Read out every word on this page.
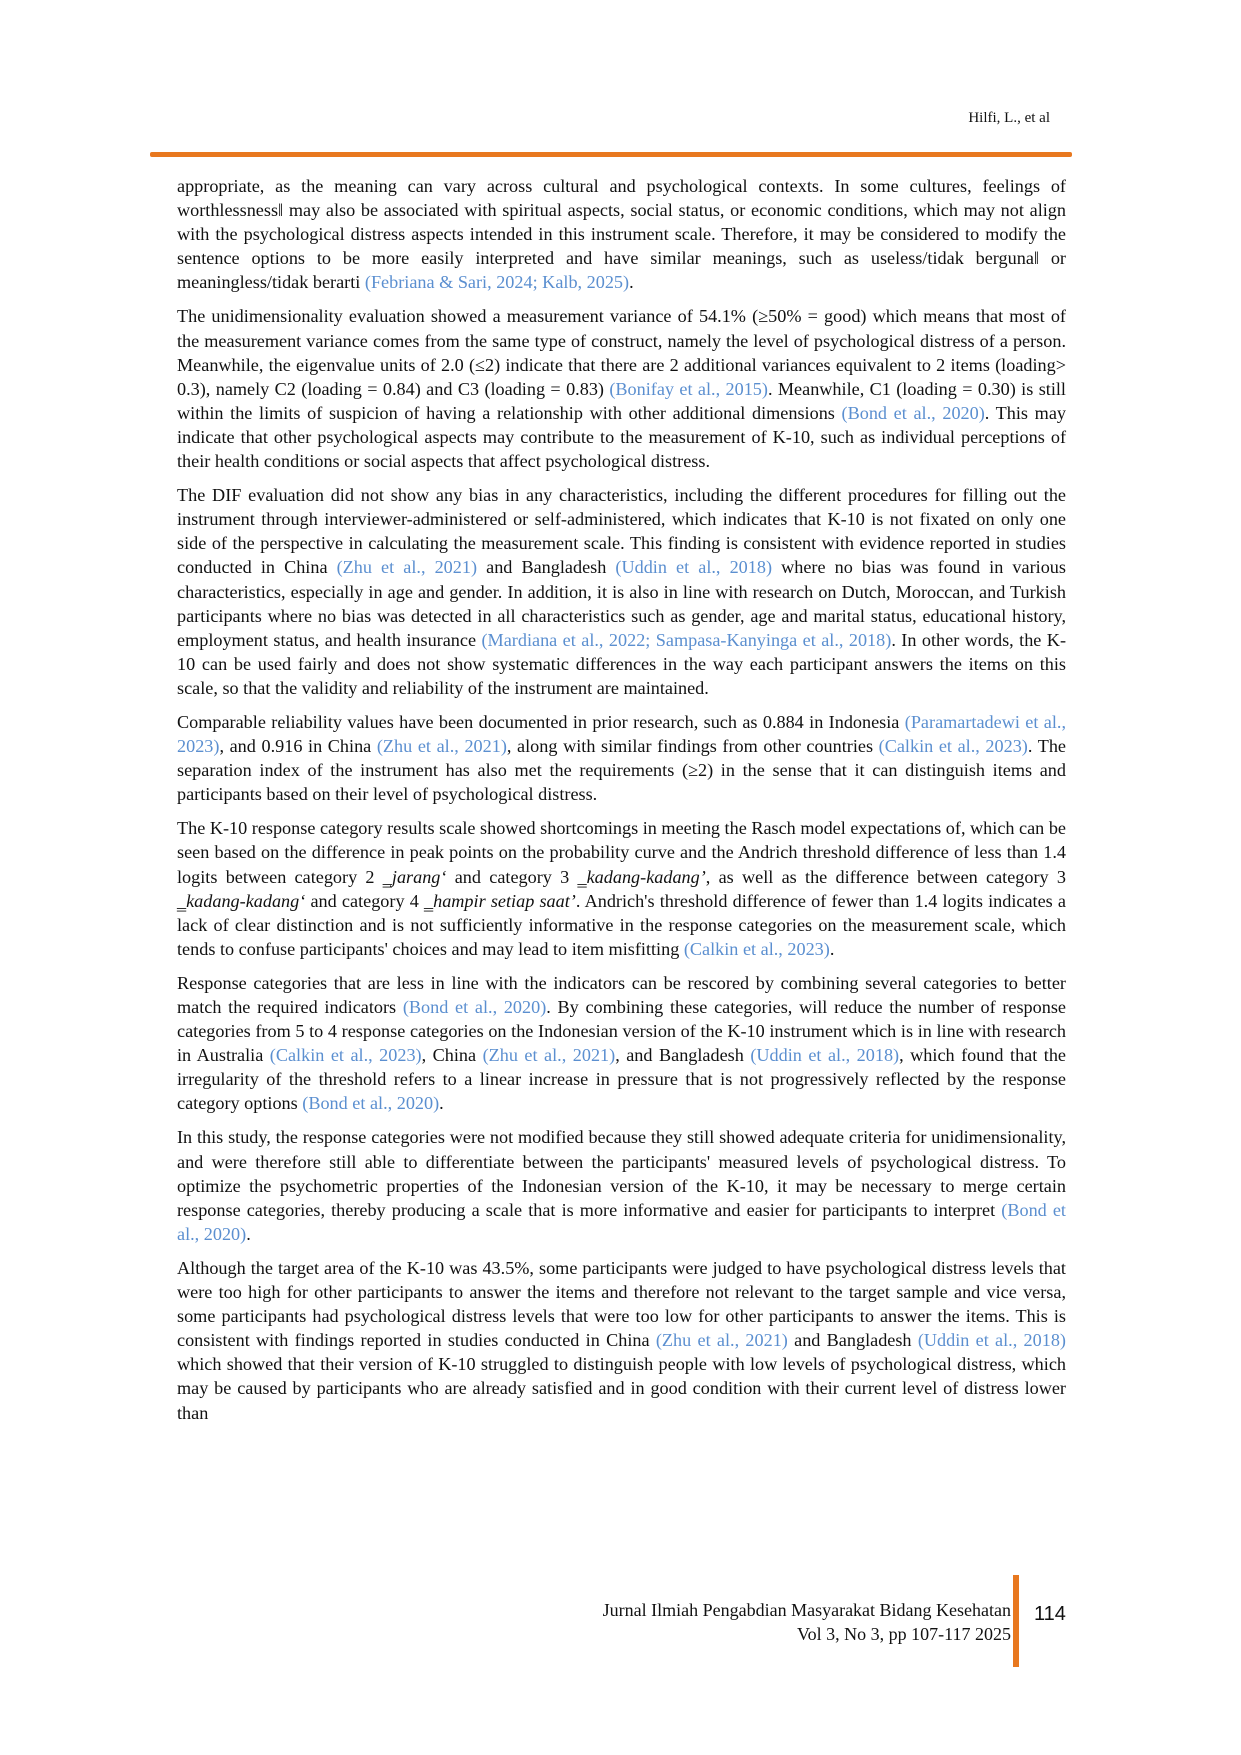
Hilfi, L., et al

appropriate, as the meaning can vary across cultural and psychological contexts. In some cultures, feelings of worthlessness‖ may also be associated with spiritual aspects, social status, or economic conditions, which may not align with the psychological distress aspects intended in this instrument scale. Therefore, it may be considered to modify the sentence options to be more easily interpreted and have similar meanings, such as useless/tidak berguna‖ or meaningless/tidak berarti (Febriana & Sari, 2024; Kalb, 2025).

The unidimensionality evaluation showed a measurement variance of 54.1% (≥50% = good) which means that most of the measurement variance comes from the same type of construct, namely the level of psychological distress of a person. Meanwhile, the eigenvalue units of 2.0 (≤2) indicate that there are 2 additional variances equivalent to 2 items (loading> 0.3), namely C2 (loading = 0.84) and C3 (loading = 0.83) (Bonifay et al., 2015). Meanwhile, C1 (loading = 0.30) is still within the limits of suspicion of having a relationship with other additional dimensions (Bond et al., 2020). This may indicate that other psychological aspects may contribute to the measurement of K-10, such as individual perceptions of their health conditions or social aspects that affect psychological distress.

The DIF evaluation did not show any bias in any characteristics, including the different procedures for filling out the instrument through interviewer-administered or self-administered, which indicates that K-10 is not fixated on only one side of the perspective in calculating the measurement scale. This finding is consistent with evidence reported in studies conducted in China (Zhu et al., 2021) and Bangladesh (Uddin et al., 2018) where no bias was found in various characteristics, especially in age and gender. In addition, it is also in line with research on Dutch, Moroccan, and Turkish participants where no bias was detected in all characteristics such as gender, age and marital status, educational history, employment status, and health insurance (Mardiana et al., 2022; Sampasa-Kanyinga et al., 2018). In other words, the K-10 can be used fairly and does not show systematic differences in the way each participant answers the items on this scale, so that the validity and reliability of the instrument are maintained.

Comparable reliability values have been documented in prior research, such as 0.884 in Indonesia (Paramartadewi et al., 2023), and 0.916 in China (Zhu et al., 2021), along with similar findings from other countries (Calkin et al., 2023). The separation index of the instrument has also met the requirements (≥2) in the sense that it can distinguish items and participants based on their level of psychological distress.

The K-10 response category results scale showed shortcomings in meeting the Rasch model expectations of, which can be seen based on the difference in peak points on the probability curve and the Andrich threshold difference of less than 1.4 logits between category 2 ‗jarang‘ and category 3 ‗kadang-kadang’, as well as the difference between category 3 ‗kadang-kadang‘ and category 4 ‗hampir setiap saat’. Andrich's threshold difference of fewer than 1.4 logits indicates a lack of clear distinction and is not sufficiently informative in the response categories on the measurement scale, which tends to confuse participants' choices and may lead to item misfitting (Calkin et al., 2023).

Response categories that are less in line with the indicators can be rescored by combining several categories to better match the required indicators (Bond et al., 2020). By combining these categories, will reduce the number of response categories from 5 to 4 response categories on the Indonesian version of the K-10 instrument which is in line with research in Australia (Calkin et al., 2023), China (Zhu et al., 2021), and Bangladesh (Uddin et al., 2018), which found that the irregularity of the threshold refers to a linear increase in pressure that is not progressively reflected by the response category options (Bond et al., 2020).

In this study, the response categories were not modified because they still showed adequate criteria for unidimensionality, and were therefore still able to differentiate between the participants' measured levels of psychological distress. To optimize the psychometric properties of the Indonesian version of the K-10, it may be necessary to merge certain response categories, thereby producing a scale that is more informative and easier for participants to interpret (Bond et al., 2020).

Although the target area of the K-10 was 43.5%, some participants were judged to have psychological distress levels that were too high for other participants to answer the items and therefore not relevant to the target sample and vice versa, some participants had psychological distress levels that were too low for other participants to answer the items. This is consistent with findings reported in studies conducted in China (Zhu et al., 2021) and Bangladesh (Uddin et al., 2018) which showed that their version of K-10 struggled to distinguish people with low levels of psychological distress, which may be caused by participants who are already satisfied and in good condition with their current level of distress lower than

Jurnal Ilmiah Pengabdian Masyarakat Bidang Kesehatan
Vol 3, No 3, pp 107-117 2025
114
